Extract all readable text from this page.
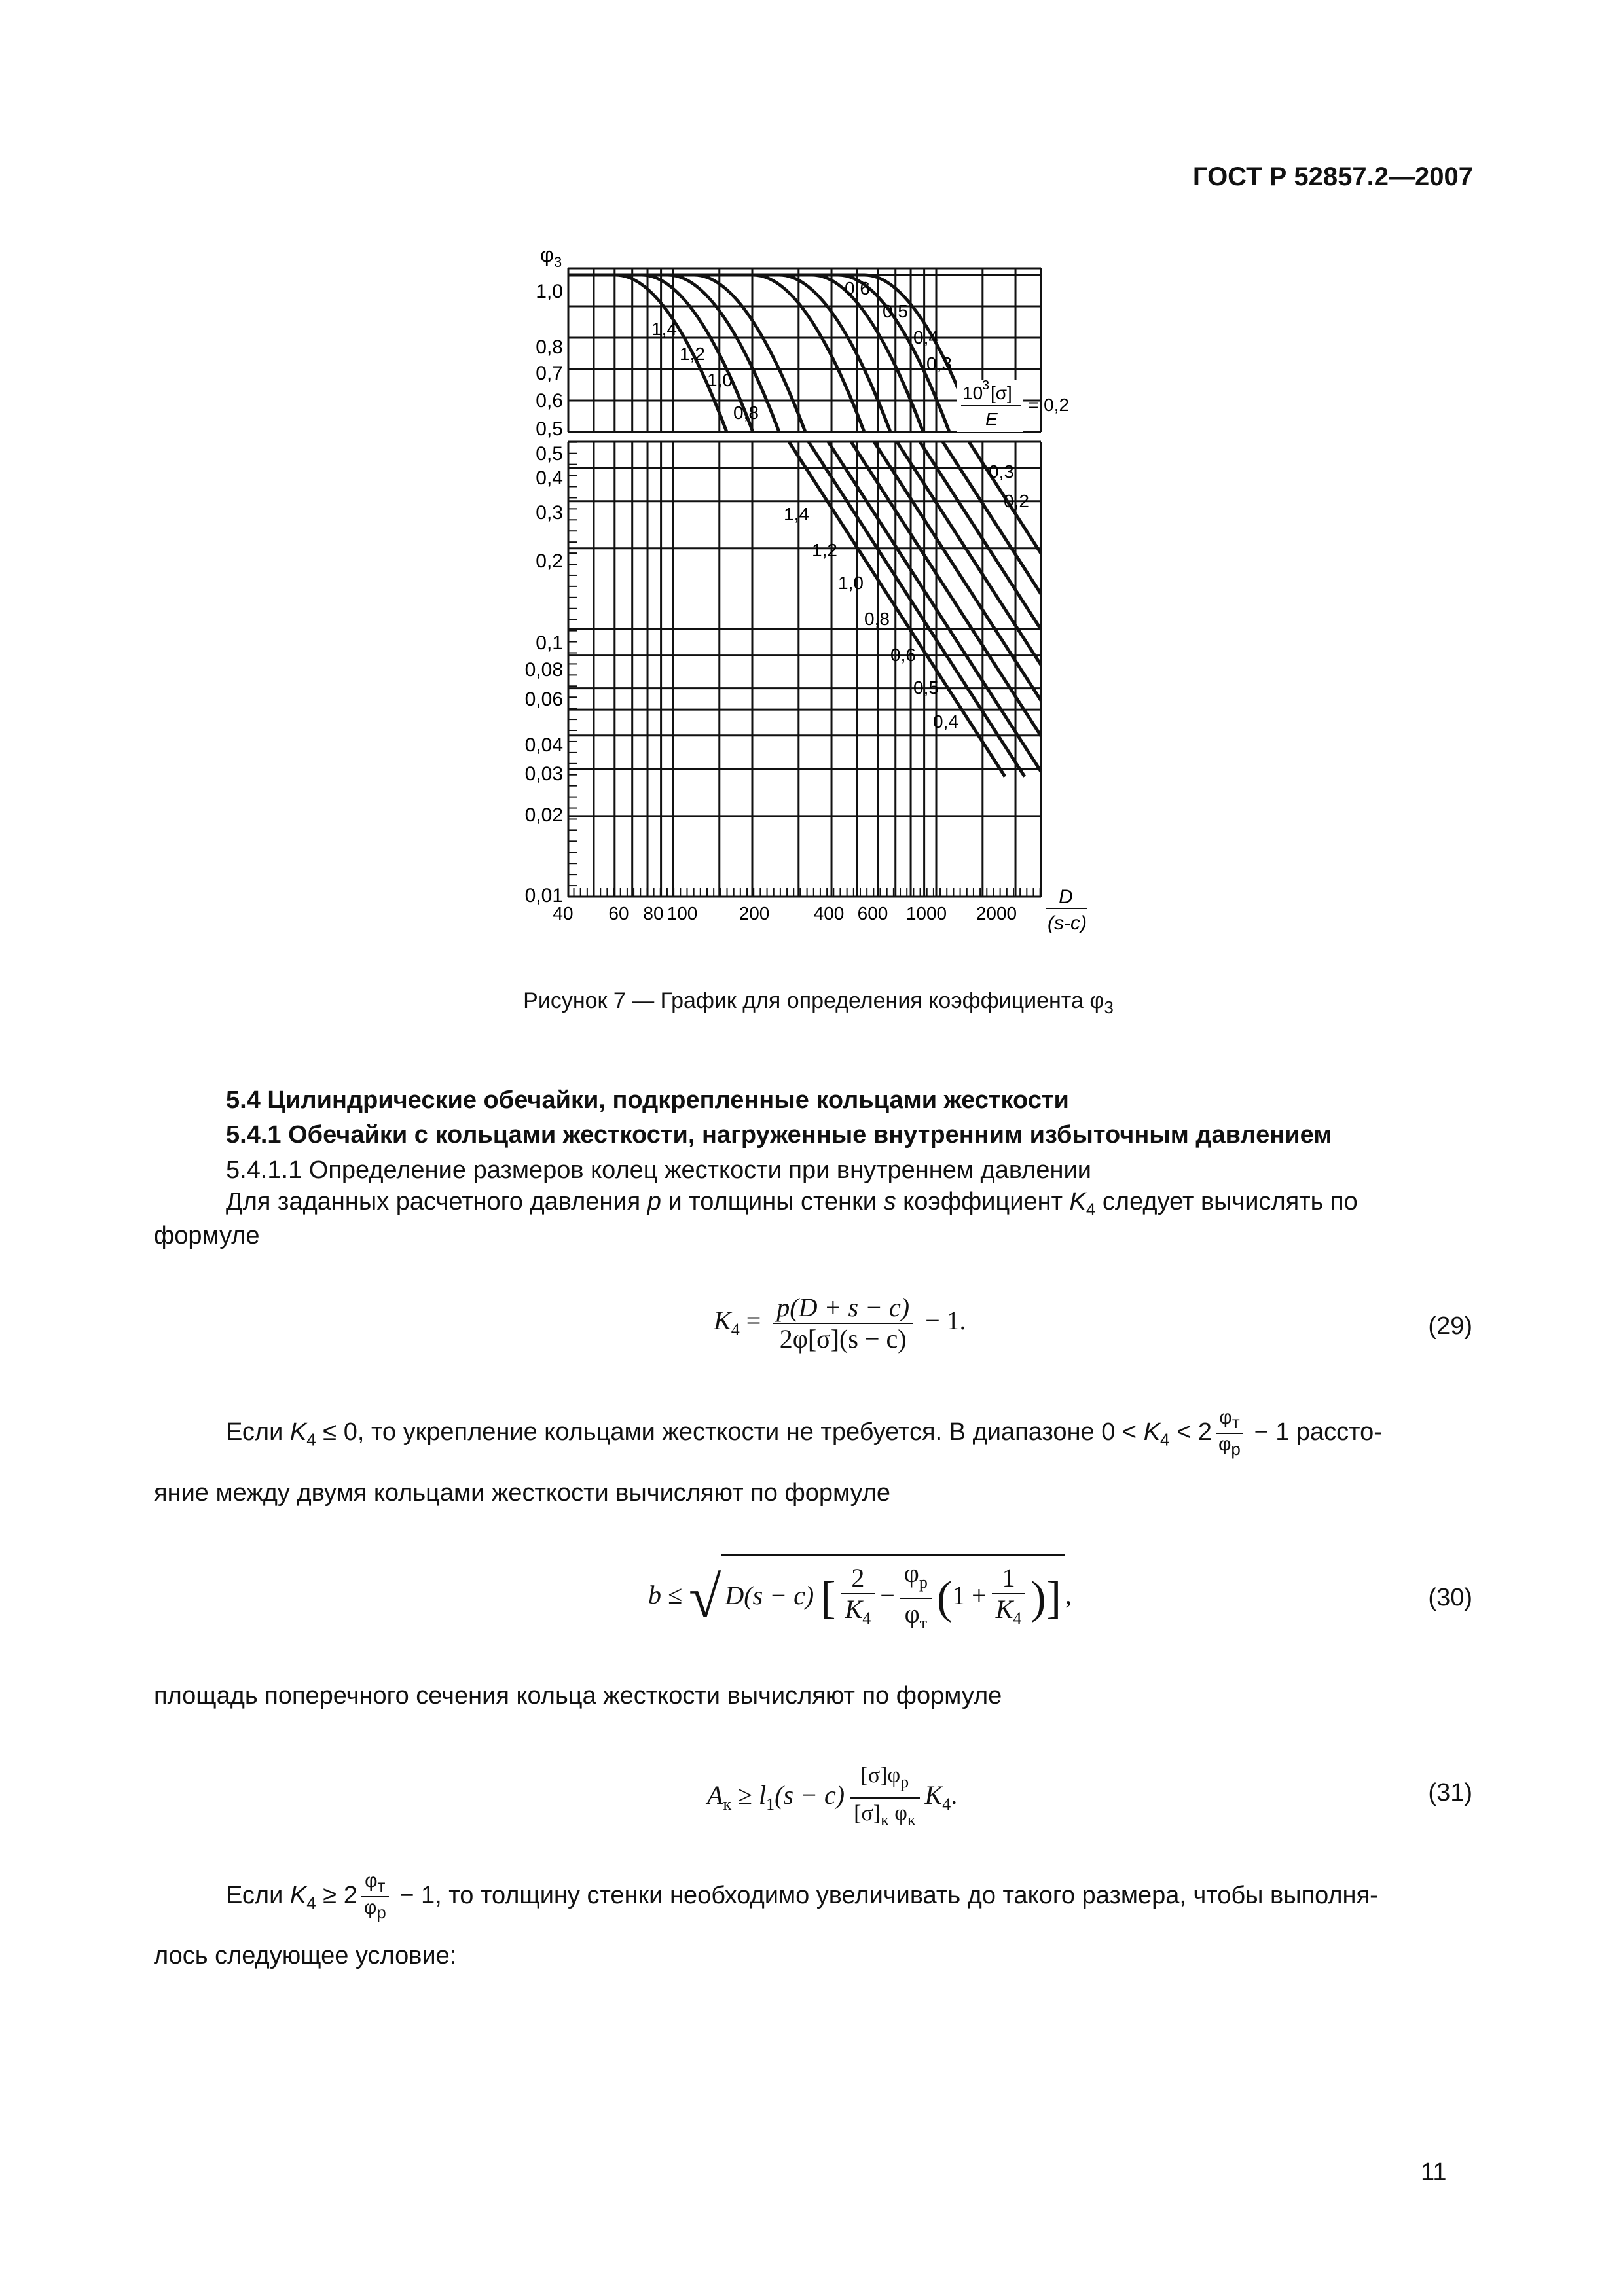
ГОСТ Р 52857.2—2007
φ 3
1,0
0,8
0,7
0,6
0,5
0,5
0,4
0,3
0,2
0,1
0,08
0,06
0,04
0,03
0,02
0,01
40 60 80 100 200 400 600 1000 2000
D
(s-c)
10
3 [σ]
E
= 0,2
1,4
1,2
1,0
0,8
0,6
0,5
0,4
0,3
0,3
0,2
1,4
1,2
1,0
0,8
0,6
0,5
0,4
Рисунок 7 — График для определения коэффициента $\varphi_3$
5.4 Цилиндрические обечайки, подкрепленные кольцами жесткости
5.4.1 Обечайки с кольцами жесткости, нагруженные внутренним избыточным давлением
5.4.1.1 Определение размеров колец жесткости при внутреннем давлении
Для заданных расчетного давления p и толщины стенки s коэффициент $K_4$ следует вычислять по
формуле
$K_4 = \frac{p(D + s - c)}{2\varphi[\sigma](s - c)} - 1$.	(29)
Если $K_4 \le 0$, то укрепление кольцами жесткости не требуется. В диапазоне $0 < K_4 < 2 \frac{\varphi_т}{\varphi_р} - 1$ рассто-
яние между двумя кольцами жесткости вычисляют по формуле
b ≤ √ D(s − c) [ $\frac{2}{K_4} - \frac{\varphi_р}{\varphi_т} (1 + \frac{1}{K_4}$ )] ,	(30)
площадь поперечного сечения кольца жесткости вычисляют по формуле
$A_к \ge l_1(s - c) \frac{[\sigma]\varphi_р}{[\sigma]_к \varphi_к} K_4$.	(31)
Если $K_4 \ge 2 \frac{\varphi_т}{\varphi_р} - 1$, то толщину стенки необходимо увеличивать до такого размера, чтобы выполня-
лось следующее условие:
11
